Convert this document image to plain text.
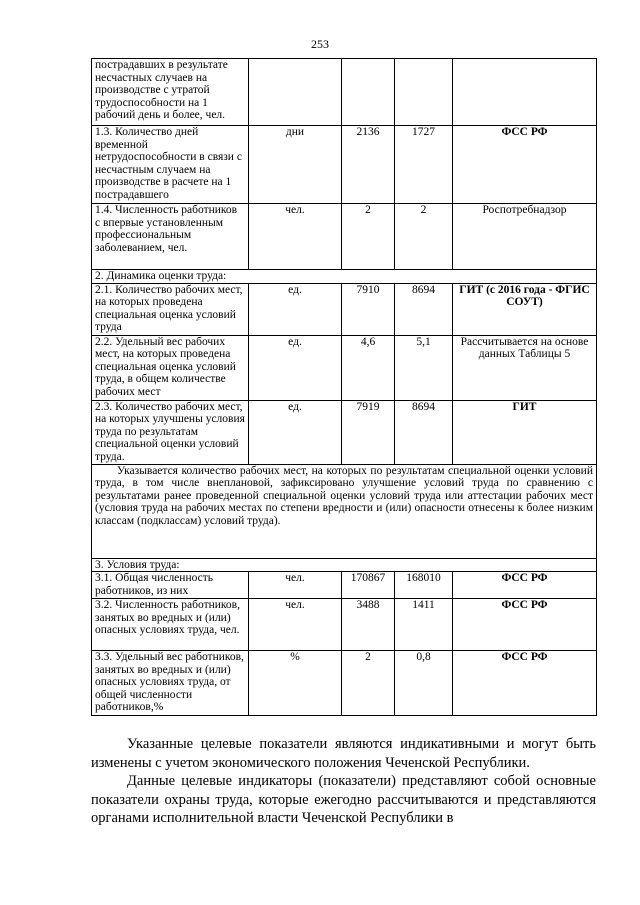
253
пострадавших в результате несчастных случаев на производстве с утратой трудоспособности на 1 рабочий день и более, чел.				
1.3. Количество дней временной нетрудоспособности в связи с несчастным случаем на производстве в расчете на 1 пострадавшего	дни	2136	1727	ФСС РФ
1.4. Численность работников с впервые установленным профессиональным заболеванием, чел.	чел.	2	2	Роспотребнадзор
2. Динамика оценки труда:				
2.1. Количество рабочих мест, на которых проведена специальная оценка условий труда	ед.	7910	8694	ГИТ (с 2016 года - ФГИС СОУТ)
2.2. Удельный вес рабочих мест, на которых проведена специальная оценка условий труда, в общем количестве рабочих мест	ед.	4,6	5,1	Рассчитывается на основе данных Таблицы 5
2.3. Количество рабочих мест, на которых улучшены условия труда по результатам специальной оценки условий труда.	ед.	7919	8694	ГИТ
Указывается количество рабочих мест, на которых по результатам специальной оценки условий труда, в том числе внеплановой, зафиксировано улучшение условий труда по сравнению с результатами ранее проведенной специальной оценки условий труда или аттестации рабочих мест (условия труда на рабочих местах по степени вредности и (или) опасности отнесены к более низким классам (подклассам) условий труда).				
3. Условия труда:				
3.1. Общая численность работников, из них	чел.	170867	168010	ФСС РФ
3.2. Численность работников, занятых во вредных и (или) опасных условиях труда, чел.	чел.	3488	1411	ФСС РФ
3.3. Удельный вес работников, занятых во вредных и (или) опасных условиях труда, от общей численности работников,%	%	2	0,8	ФСС РФ

Указанные целевые показатели являются индикативными и могут быть изменены с учетом экономического положения Чеченской Республики.

Данные целевые индикаторы (показатели) представляют собой основные показатели охраны труда, которые ежегодно рассчитываются и представляются органами исполнительной власти Чеченской Республики в
